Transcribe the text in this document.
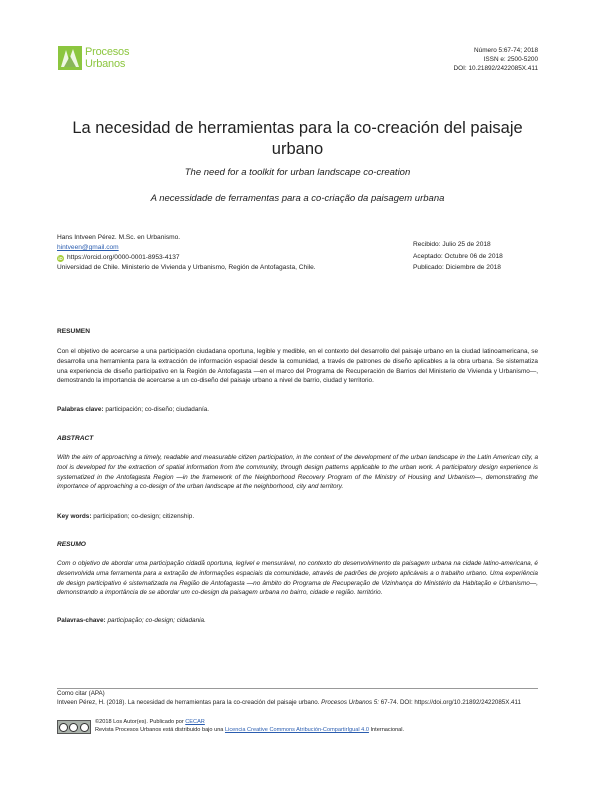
Procesos
Urbanos
Número 5:67-74; 2018
ISSN e: 2500-5200
DOI: 10.21892/2422085X.411
La necesidad de herramientas para la co-creación del paisaje urbano
The need for a toolkit for urban landscape co-creation
A necessidade de ferramentas para a co-criação da paisagem urbana
Hans Intveen Pérez. M.Sc. en Urbanismo.
hintveen@gmail.com
iD https://orcid.org/0000-0001-8953-4137
Universidad de Chile. Ministerio de Vivienda y Urbanismo, Región de Antofagasta, Chile.
Recibido: Julio 25 de 2018
Aceptado: Octubre 06 de 2018
Publicado: Diciembre de 2018
RESUMEN
Con el objetivo de acercarse a una participación ciudadana oportuna, legible y medible, en el contexto del desarrollo del paisaje urbano en la ciudad latinoamericana, se desarrolla una herramienta para la extracción de información espacial desde la comunidad, a través de patrones de diseño aplicables a la obra urbana. Se sistematiza una experiencia de diseño participativo en la Región de Antofagasta —en el marco del Programa de Recuperación de Barrios del Ministerio de Vivienda y Urbanismo—, demostrando la importancia de acercarse a un co-diseño del paisaje urbano a nivel de barrio, ciudad y territorio.
Palabras clave: participación; co-diseño; ciudadanía.
ABSTRACT
With the aim of approaching a timely, readable and measurable citizen participation, in the context of the development of the urban landscape in the Latin American city, a tool is developed for the extraction of spatial information from the community, through design patterns applicable to the urban work. A participatory design experience is systematized in the Antofagasta Region —in the framework of the Neighborhood Recovery Program of the Ministry of Housing and Urbanism—, demonstrating the importance of approaching a co-design of the urban landscape at the neighborhood, city and territory.
Key words: participation; co-design; citizenship.
RESUMO
Com o objetivo de abordar uma participação cidadã oportuna, legível e mensurável, no contexto do desenvolvimento da paisagem urbana na cidade latino-americana, é desenvolvida uma ferramenta para a extração de informações espaciais da comunidade, através de padrões de projeto aplicáveis a o trabalho urbano. Uma experiência de design participativo é sistematizada na Região de Antofagasta —no âmbito do Programa de Recuperação de Vizinhança do Ministério da Habitação e Urbanismo—, demonstrando a importância de se abordar um co-design da paisagem urbana no bairro, cidade e região. território.
Palavras-chave: participação; co-design; cidadania.
Como citar (APA)
Intveen Pérez, H. (2018). La necesidad de herramientas para la co-creación del paisaje urbano. Procesos Urbanos 5: 67-74. DOI: https://doi.org/10.21892/2422085X.411
©2018 Los Autor(es). Publicado por CECAR
Revista Procesos Urbanos está distribuido bajo una Licencia Creative Commons Atribución-CompartirIgual 4.0 Internacional.
